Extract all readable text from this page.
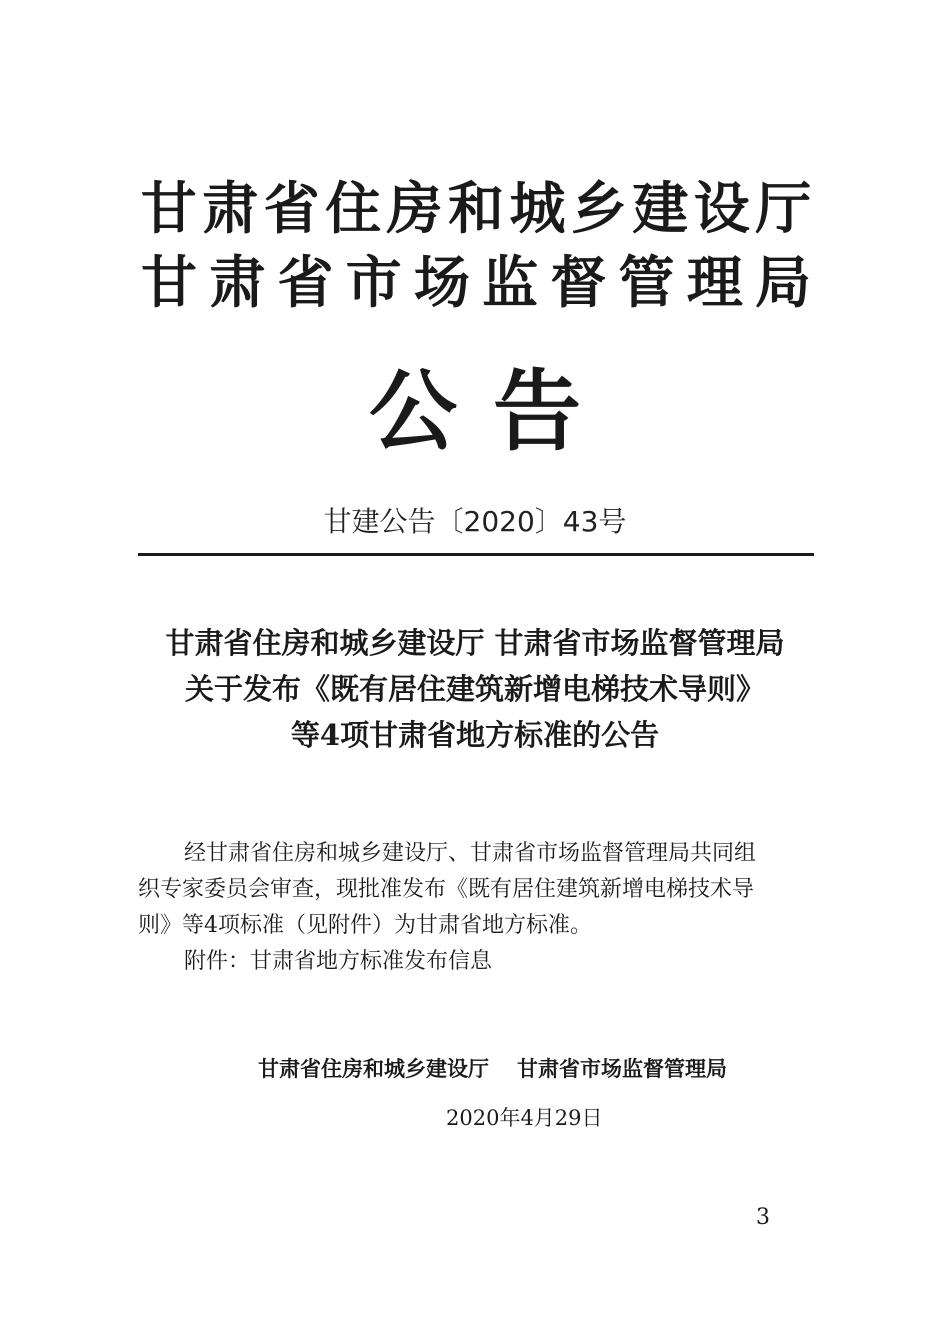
甘 肃 省 住 房 和 城 乡 建 设 厅
甘 肃 省 市 场 监 督 管 理 局
公告
甘建公告〔2020〕43号
甘肃省住房和城乡建设厅 甘肃省市场监督管理局
关于发布《既有居住建筑新增电梯技术导则》
等4项甘肃省地方标准的公告
经甘肃省住房和城乡建设厅、甘肃省市场监督管理局共同组
织专家委员会审查，现批准发布《既有居住建筑新增电梯技术导
则》等4项标准（见附件）为甘肃省地方标准。
附件：甘肃省地方标准发布信息
甘肃省住房和城乡建设厅 甘肃省市场监督管理局
2020年4月29日
3
